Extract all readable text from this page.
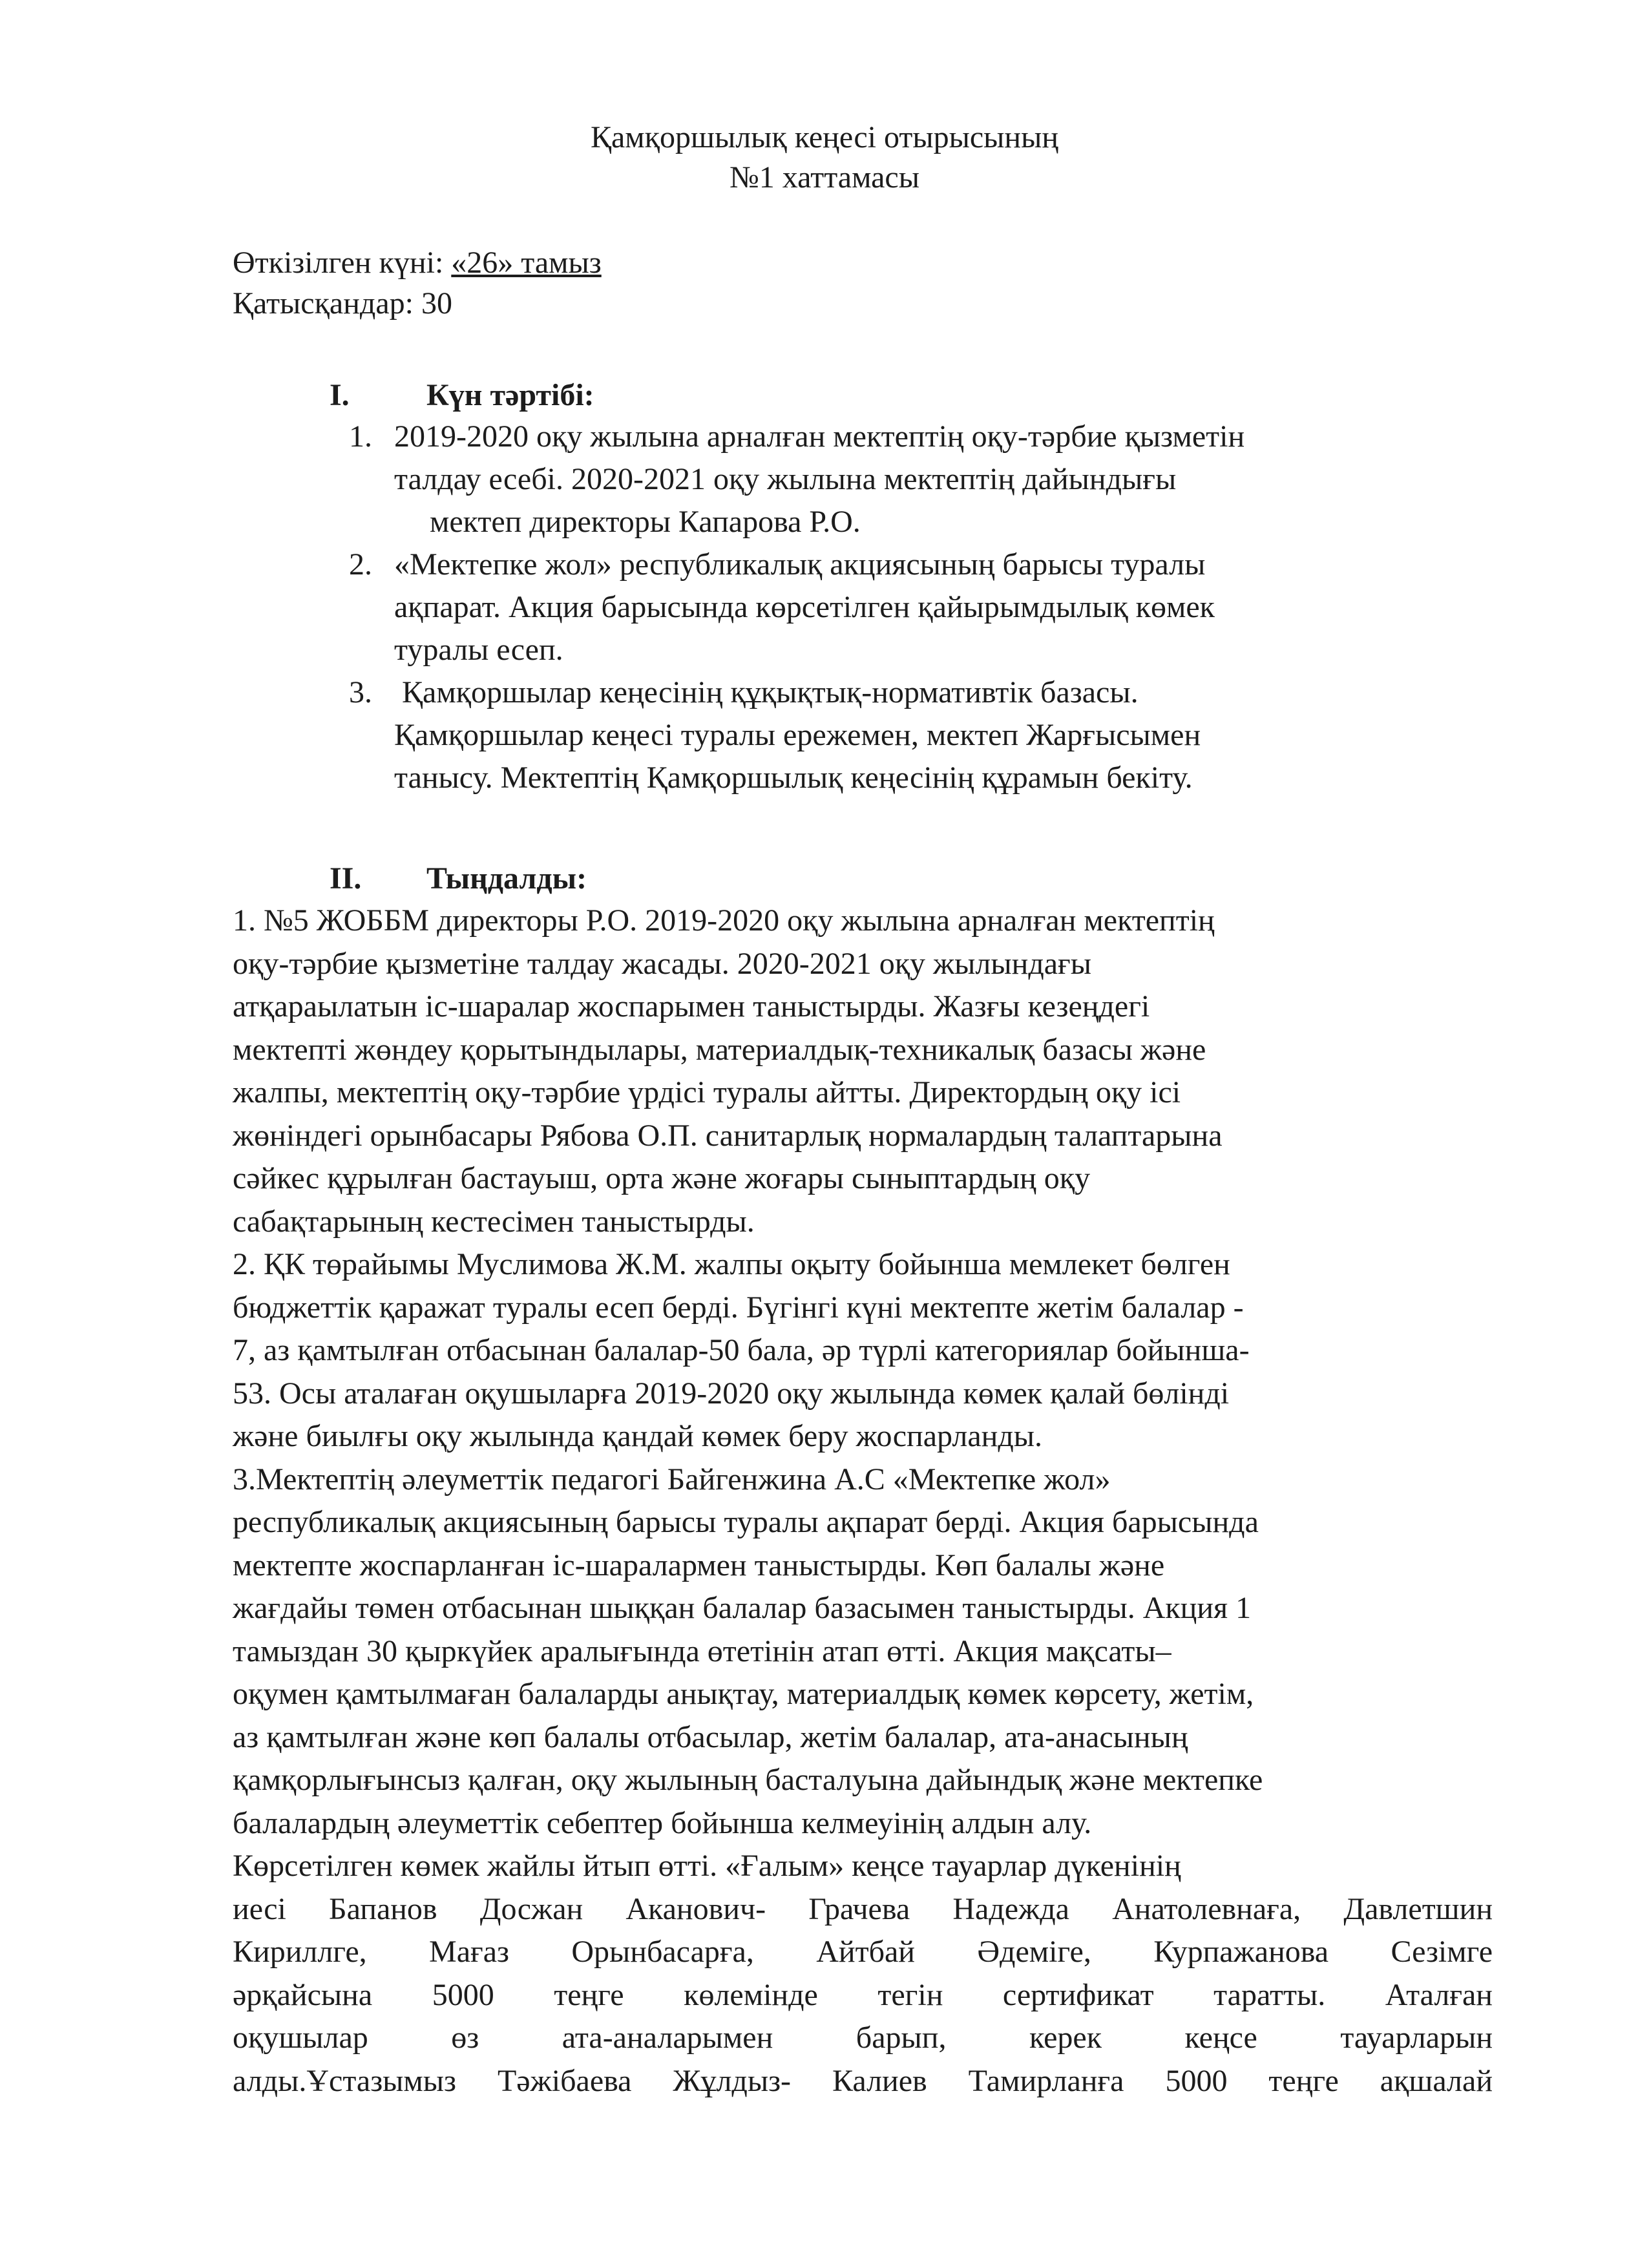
Қамқоршылық кеңесі отырысының
№1 хаттамасы
Өткізілген күні: «26» тамыз
Қатысқандар: 30
I. Күн тәртібі:
1. 2019-2020 оқу жылына арналған мектептің оқу-тәрбие қызметін
талдау есебі. 2020-2021 оқу жылына мектептің дайындығы
мектеп директоры Капарова Р.О.
2. «Мектепке жол» республикалық акциясының барысы туралы
ақпарат. Акция барысында көрсетілген қайырымдылық көмек
туралы есеп.
3. Қамқоршылар кеңесінің құқықтық-нормативтік базасы.
Қамқоршылар кеңесі туралы ережемен, мектеп Жарғысымен
танысу. Мектептің Қамқоршылық кеңесінің құрамын бекіту.
II. Тыңдалды:
1. №5 ЖОББМ директоры Р.О. 2019-2020 оқу жылына арналған мектептің
оқу-тәрбие қызметіне талдау жасады. 2020-2021 оқу жылындағы
атқараылатын іс-шаралар жоспарымен таныстырды. Жазғы кезеңдегі
мектепті жөндеу қорытындылары, материалдық-техникалық базасы және
жалпы, мектептің оқу-тәрбие үрдісі туралы айтты. Директордың оқу ісі
жөніндегі орынбасары Рябова О.П. санитарлық нормалардың талаптарына
сәйкес құрылған бастауыш, орта және жоғары сыныптардың оқу
сабақтарының кестесімен таныстырды.
2. ҚК төрайымы Муслимова Ж.М. жалпы оқыту бойынша мемлекет бөлген
бюджеттік қаражат туралы есеп берді. Бүгінгі күні мектепте жетім балалар -
7, аз қамтылған отбасынан балалар-50 бала, әр түрлі категориялар бойынша-
53. Осы аталаған оқушыларға 2019-2020 оқу жылында көмек қалай бөлінді
және биылғы оқу жылында қандай көмек беру жоспарланды.
3.Мектептің әлеуметтік педагогі Байгенжина А.С «Мектепке жол»
республикалық акциясының барысы туралы ақпарат берді. Акция барысында
мектепте жоспарланған іс-шаралармен таныстырды. Көп балалы және
жағдайы төмен отбасынан шыққан балалар базасымен таныстырды. Акция 1
тамыздан 30 қыркүйек аралығында өтетінін атап өтті. Акция мақсаты–
оқумен қамтылмаған балаларды анықтау, материалдық көмек көрсету, жетім,
аз қамтылған және көп балалы отбасылар, жетім балалар, ата-анасының
қамқорлығынсыз қалған, оқу жылының басталуына дайындық және мектепке
балалардың әлеуметтік себептер бойынша келмеуінің алдын алу.
Көрсетілген көмек жайлы йтып өтті. «Ғалым» кеңсе тауарлар дүкенінің
иесі Бапанов Досжан Аканович- Грачева Надежда Анатолевнаға, Давлетшин
Кириллге, Мағаз Орынбасарға, Айтбай Әдеміге, Курпажанова Сезімге
әрқайсына 5000 теңге көлемінде тегін сертификат таратты. Аталған
оқушылар өз ата-аналарымен барып, керек кеңсе тауарларын
алды.Ұстазымыз Тәжібаева Жұлдыз- Калиев Тамирланға 5000 теңге ақшалай
